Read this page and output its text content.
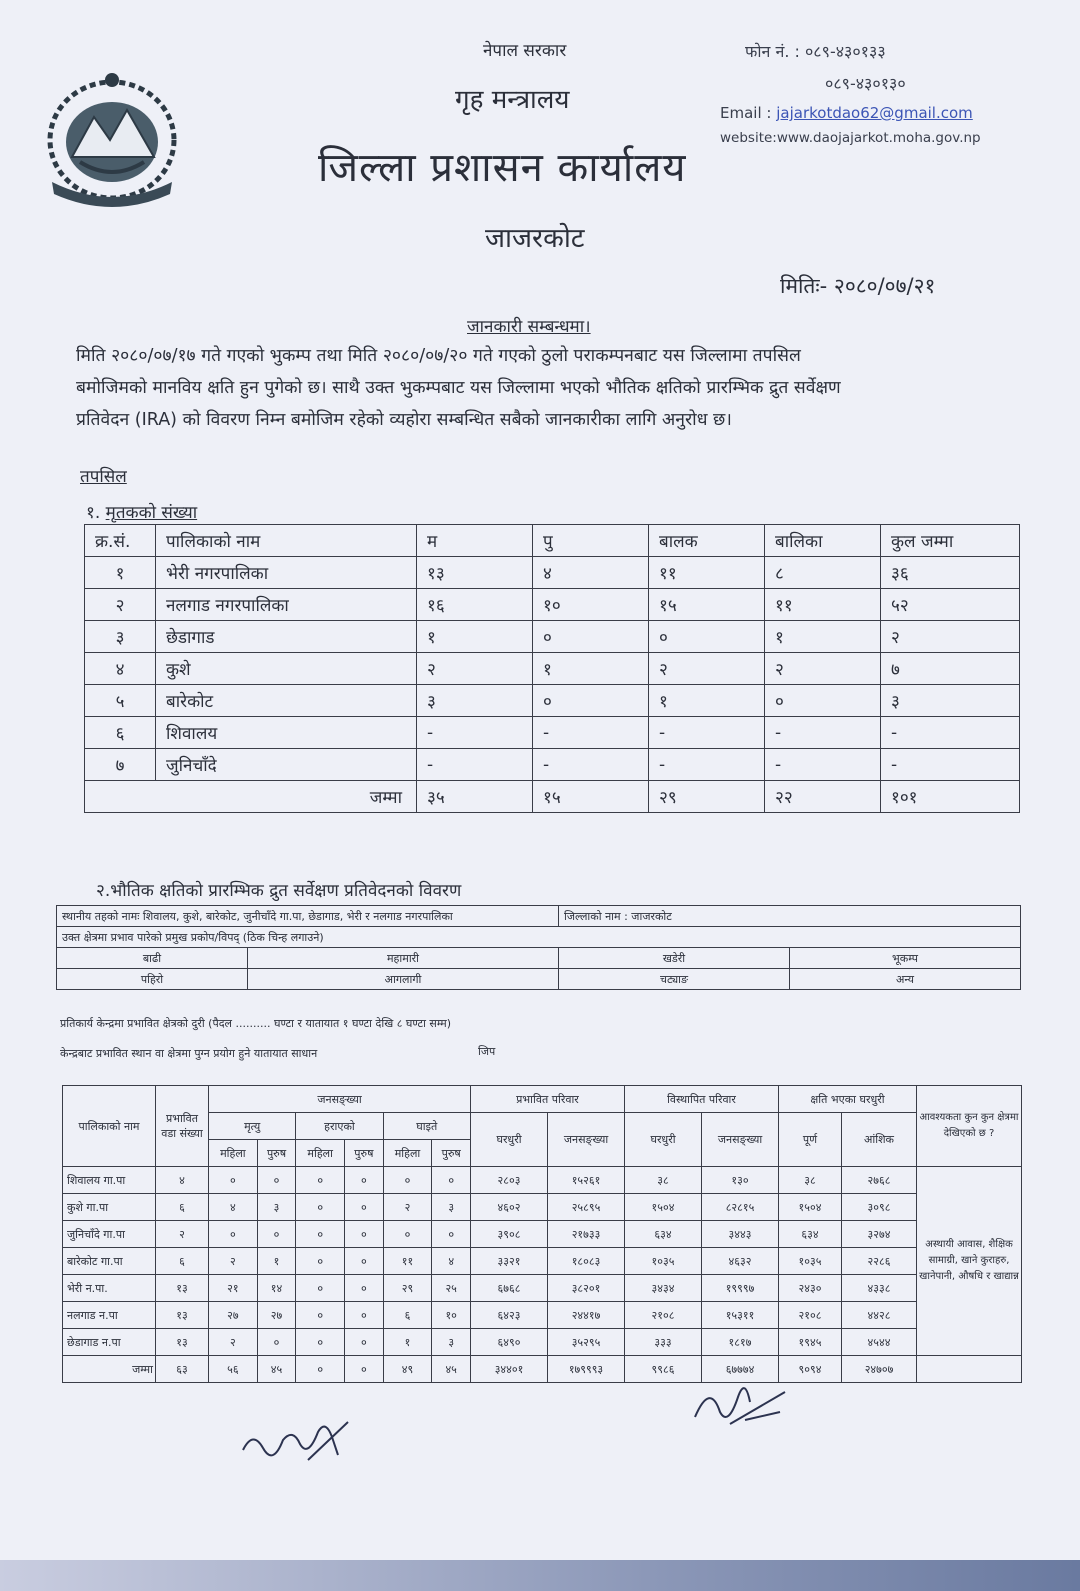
नेपाल सरकार
गृह मन्त्रालय
जिल्ला प्रशासन कार्यालय
जाजरकोट
फोन नं. : ०८९-४३०१३३
०८९-४३०१३०
Email : jajarkotdao62@gmail.com
website:www.daojajarkot.moha.gov.np
मितिः- २०८०/०७/२१
जानकारी सम्बन्धमा।
मिति २०८०/०७/१७ गते गएको भुकम्प तथा मिति २०८०/०७/२० गते गएको ठुलो पराकम्पनबाट यस जिल्लामा तपसिल
बमोजिमको मानविय क्षति हुन पुगेको छ। साथै उक्त भुकम्पबाट यस जिल्लामा भएको भौतिक क्षतिको प्रारम्भिक द्रुत सर्वेक्षण
प्रतिवेदन (IRA) को विवरण निम्न बमोजिम रहेको व्यहोरा सम्बन्धित सबैको जानकारीका लागि अनुरोध छ।
तपसिल
१. मृतकको संख्या
क्र.सं.	पालिकाको नाम	म	पु	बालक	बालिका	कुल जम्मा
१	भेरी नगरपालिका	१३	४	११	८	३६
२	नलगाड नगरपालिका	१६	१०	१५	११	५२
३	छेडागाड	१	०	०	१	२
४	कुशे	२	१	२	२	७
५	बारेकोट	३	०	१	०	३
६	शिवालय	-	-	-	-	-
७	जुनिचाँदे	-	-	-	-	-
जम्मा		३५	१५	२९	२२	१०१
२.भौतिक क्षतिको प्रारम्भिक द्रुत सर्वेक्षण प्रतिवेदनको विवरण
स्थानीय तहको नामः शिवालय, कुशे, बारेकोट, जुनीचाँदे गा.पा, छेडागाड, भेरी र नलगाड नगरपालिका		जिल्लाको नाम : जाजरकोट	
उक्त क्षेत्रमा प्रभाव पारेको प्रमुख प्रकोप/विपद् (ठिक चिन्ह लगाउने)			
बाढी	महामारी	खडेरी	भूकम्प
पहिरो	आगलागी	चट्याङ	अन्य
प्रतिकार्य केन्द्रमा प्रभावित क्षेत्रको दुरी (पैदल .......... घण्टा र यातायात १ घण्टा देखि ८ घण्टा सम्म)
केन्द्रबाट प्रभावित स्थान वा क्षेत्रमा पुग्न प्रयोग हुने यातायात साधान	जिप
पालिकाको नाम	प्रभावित वडा संख्या	जनसङ्ख्या						प्रभावित परिवार		विस्थापित परिवार		क्षति भएका घरधुरी		आवश्यकता कुन कुन क्षेत्रमा देखिएको छ ?
		मृत्यु		हराएको		घाइते		घरधुरी	जनसङ्ख्या	घरधुरी	जनसङ्ख्या	पूर्ण	आंशिक	
		महिला	पुरुष	महिला	पुरुष	महिला	पुरुष							
शिवालय गा.पा	४	०	०	०	०	०	०	२८०३	१५२६१	३८	१३०	३८	२७६८	अस्थायी आवास, शैक्षिक सामाग्री, खाने कुराहरु, खानेपानी, औषधि र खाद्यान्न
कुशे गा.पा	६	४	३	०	०	२	३	४६०२	२५८९५	१५०४	८२८१५	१५०४	३०९८	
जुनिचाँदे गा.पा	२	०	०	०	०	०	०	३९०८	२१७३३	६३४	३४४३	६३४	३२७४	
बारेकोट गा.पा	६	२	१	०	०	११	४	३३२१	१८०८३	१०३५	४६३२	१०३५	२२८६	
भेरी न.पा.	१३	२१	१४	०	०	२९	२५	६७६८	३८२०१	३४३४	१९९९७	२४३०	४३३८	
नलगाड न.पा	१३	२७	२७	०	०	६	१०	६४२३	२४४१७	२१०८	१५३११	२१०८	४४२८	
छेडागाड न.पा	१३	२	०	०	०	१	३	६४९०	३५२९५	३३३	१८१७	१९४५	४५४४	
जम्मा	६३	५६	४५	०	०	४९	४५	३४४०१	१७९९९३	९९८६	६७७७४	९०९४	२४७०७	
